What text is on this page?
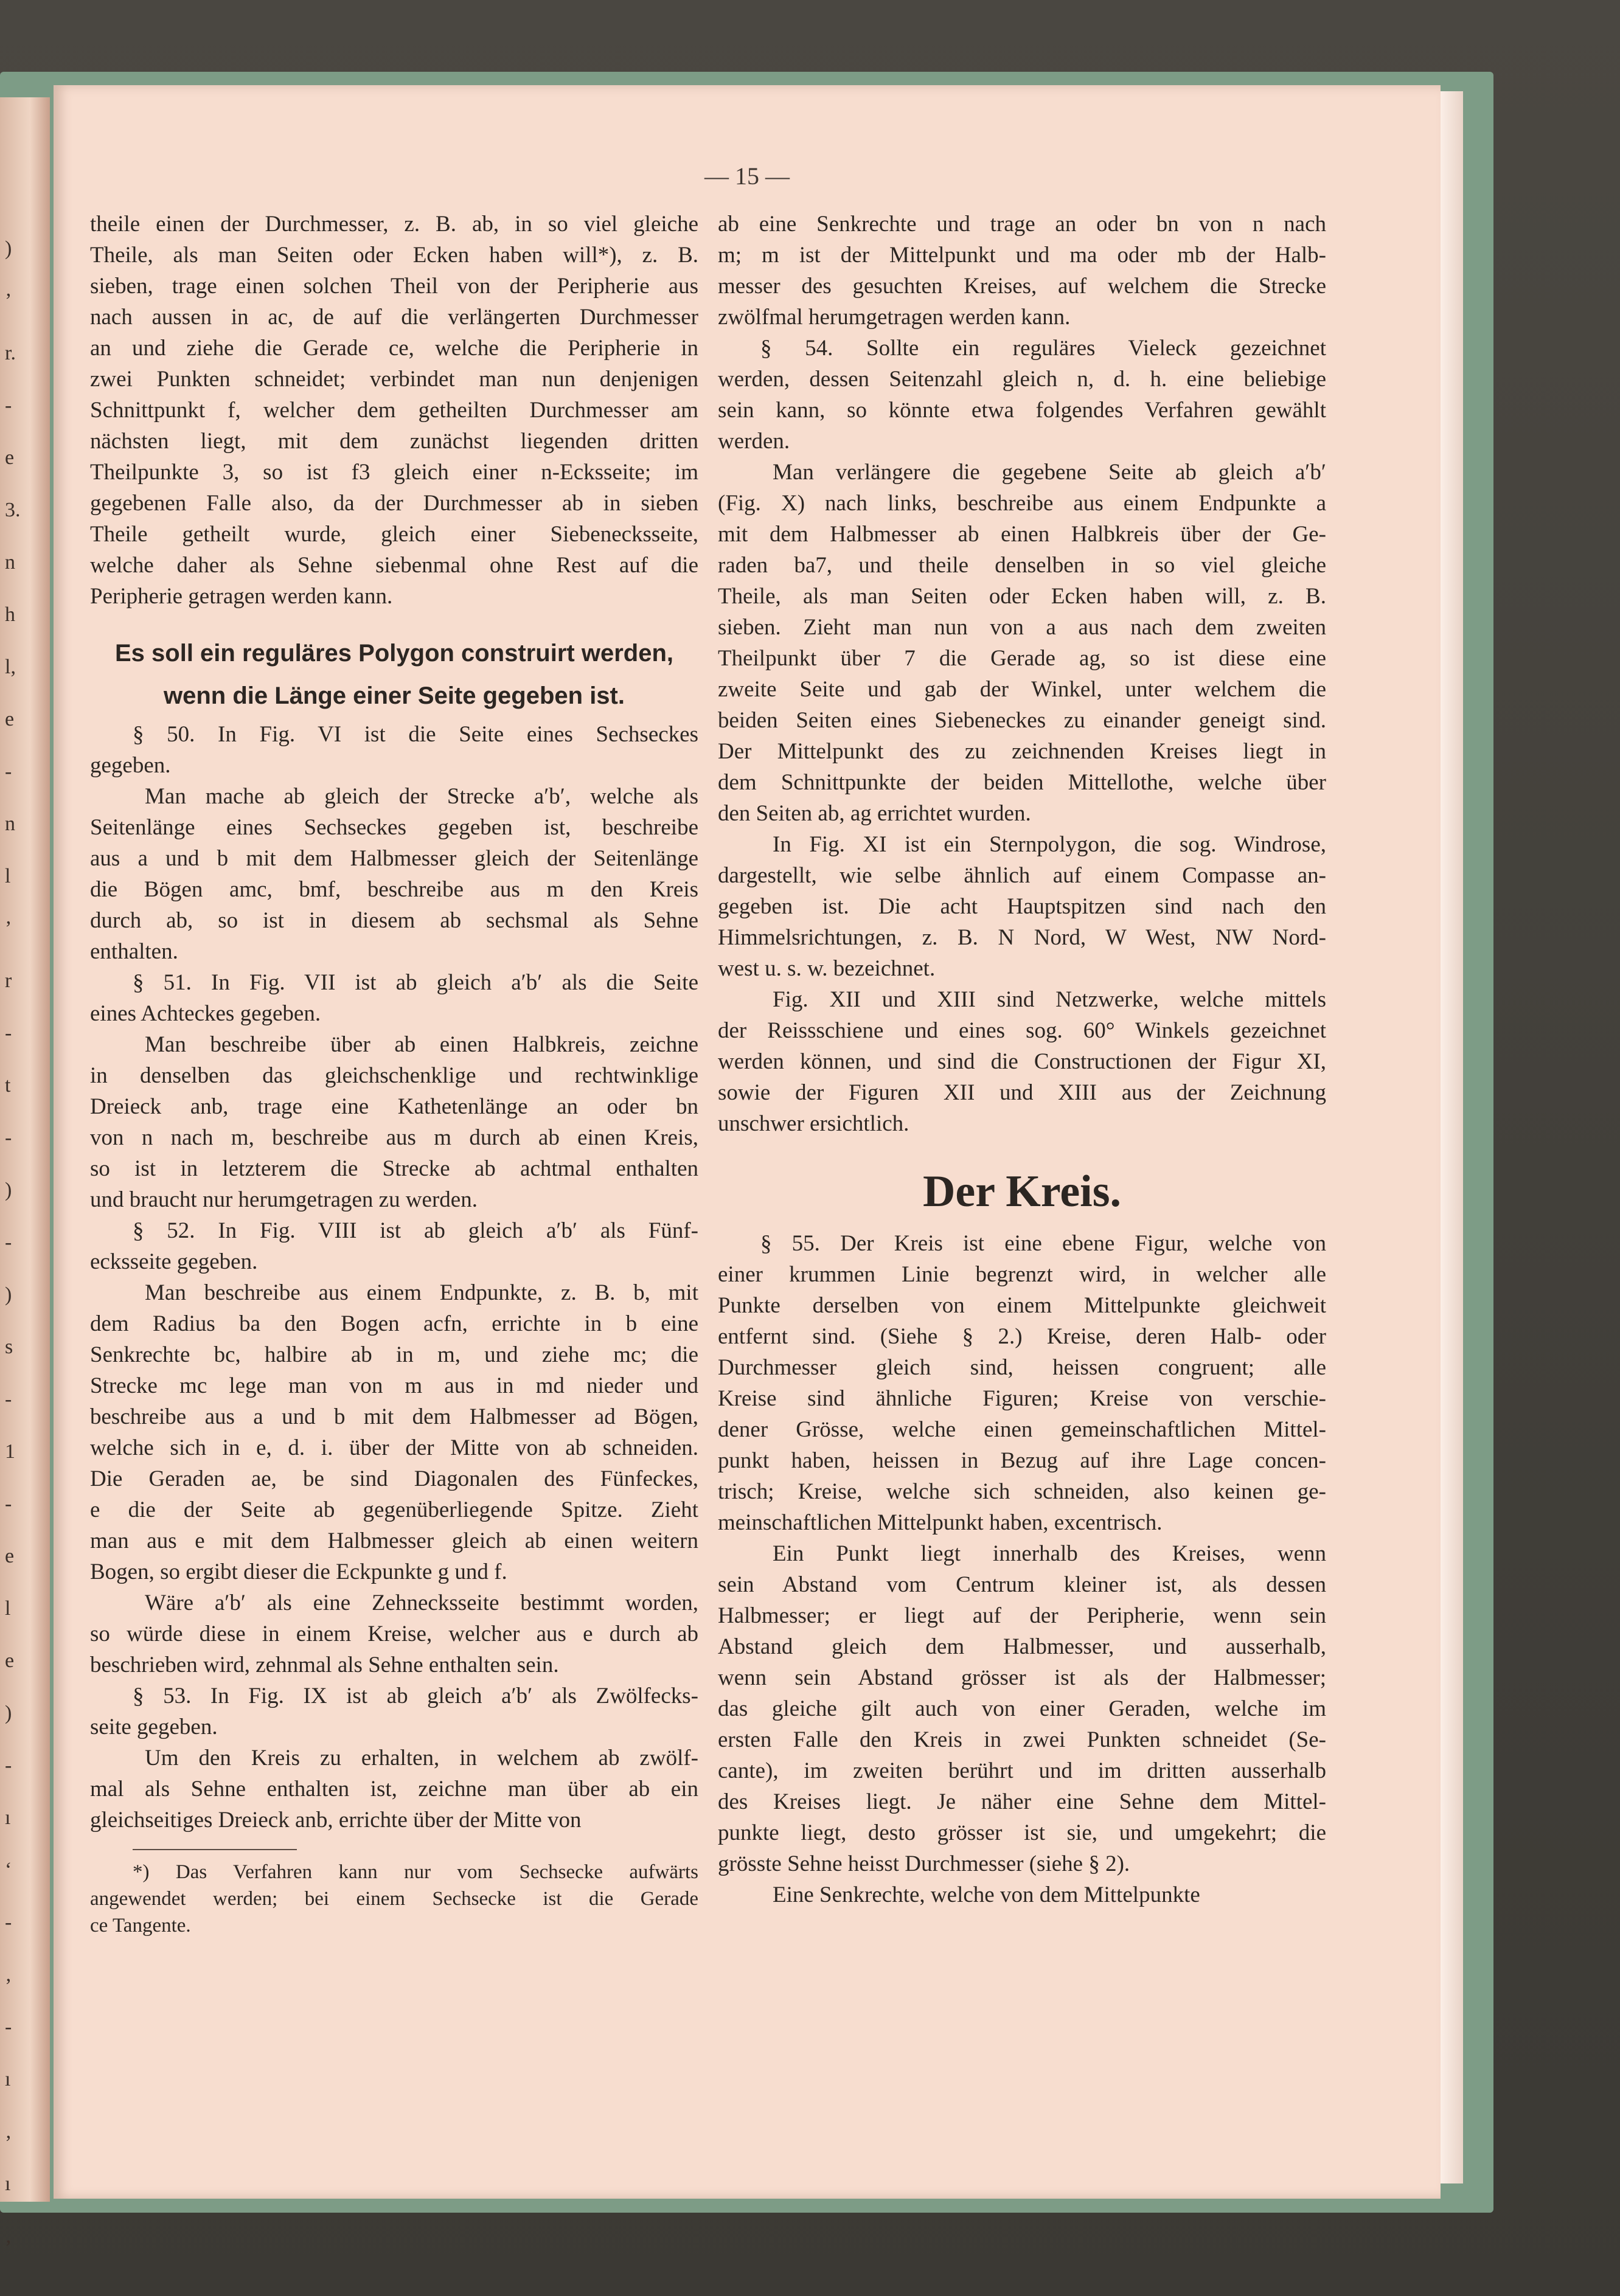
)
’
r.
-
e
3.
n
h
l,
e
-
n
l
’
r
-
t
-
)
-
)
s
-
1
-
e
l
e
)
-
ı
‘
-
‚
-
ı
‚
ı
‚
— 15 —

theile einen der Durchmesser, z. B. ab, in so viel gleiche

Theile, als man Seiten oder Ecken haben will*), z. B.

sieben, trage einen solchen Theil von der Peripherie aus

nach aussen in ac, de auf die verlängerten Durchmesser

an und ziehe die Gerade ce, welche die Peripherie in

zwei Punkten schneidet; verbindet man nun denjenigen

Schnittpunkt f, welcher dem getheilten Durchmesser am

nächsten liegt, mit dem zunächst liegenden dritten

Theilpunkte 3, so ist f3 gleich einer n-Ecksseite; im

gegebenen Falle also, da der Durchmesser ab in sieben

Theile getheilt wurde, gleich einer Siebenecksseite,

welche daher als Sehne siebenmal ohne Rest auf die

Peripherie getragen werden kann.

Es soll ein reguläres Polygon construirt werden,
wenn die Länge einer Seite gegeben ist.

§ 50. In Fig. VI ist die Seite eines Sechseckes

gegeben.

Man mache ab gleich der Strecke a′b′, welche als

Seitenlänge eines Sechseckes gegeben ist, beschreibe

aus a und b mit dem Halbmesser gleich der Seitenlänge

die Bögen amc, bmf, beschreibe aus m den Kreis

durch ab, so ist in diesem ab sechsmal als Sehne

enthalten.

§ 51. In Fig. VII ist ab gleich a′b′ als die Seite

eines Achteckes gegeben.

Man beschreibe über ab einen Halbkreis, zeichne

in denselben das gleichschenklige und rechtwinklige

Dreieck anb, trage eine Kathetenlänge an oder bn

von n nach m, beschreibe aus m durch ab einen Kreis,

so ist in letzterem die Strecke ab achtmal enthalten

und braucht nur herumgetragen zu werden.

§ 52. In Fig. VIII ist ab gleich a′b′ als Fünf-

ecksseite gegeben.

Man beschreibe aus einem Endpunkte, z. B. b, mit

dem Radius ba den Bogen acfn, errichte in b eine

Senkrechte bc, halbire ab in m, und ziehe mc; die

Strecke mc lege man von m aus in md nieder und

beschreibe aus a und b mit dem Halbmesser ad Bögen,

welche sich in e, d. i. über der Mitte von ab schneiden.

Die Geraden ae, be sind Diagonalen des Fünfeckes,

e die der Seite ab gegenüberliegende Spitze. Zieht

man aus e mit dem Halbmesser gleich ab einen weitern

Bogen, so ergibt dieser die Eckpunkte g und f.

Wäre a′b′ als eine Zehnecksseite bestimmt worden,

so würde diese in einem Kreise, welcher aus e durch ab

beschrieben wird, zehnmal als Sehne enthalten sein.

§ 53. In Fig. IX ist ab gleich a′b′ als Zwölfecks-

seite gegeben.

Um den Kreis zu erhalten, in welchem ab zwölf-

mal als Sehne enthalten ist, zeichne man über ab ein

gleichseitiges Dreieck anb, errichte über der Mitte von

*) Das Verfahren kann nur vom Sechsecke aufwärts

angewendet werden; bei einem Sechsecke ist die Gerade

ce Tangente.

ab eine Senkrechte und trage an oder bn von n nach

m; m ist der Mittelpunkt und ma oder mb der Halb-

messer des gesuchten Kreises, auf welchem die Strecke

zwölfmal herumgetragen werden kann.

§ 54. Sollte ein reguläres Vieleck gezeichnet

werden, dessen Seitenzahl gleich n, d. h. eine beliebige

sein kann, so könnte etwa folgendes Verfahren gewählt

werden.

Man verlängere die gegebene Seite ab gleich a′b′

(Fig. X) nach links, beschreibe aus einem Endpunkte a

mit dem Halbmesser ab einen Halbkreis über der Ge-

raden ba7, und theile denselben in so viel gleiche

Theile, als man Seiten oder Ecken haben will, z. B.

sieben. Zieht man nun von a aus nach dem zweiten

Theilpunkt über 7 die Gerade ag, so ist diese eine

zweite Seite und gab der Winkel, unter welchem die

beiden Seiten eines Siebeneckes zu einander geneigt sind.

Der Mittelpunkt des zu zeichnenden Kreises liegt in

dem Schnittpunkte der beiden Mittellothe, welche über

den Seiten ab, ag errichtet wurden.

In Fig. XI ist ein Sternpolygon, die sog. Windrose,

dargestellt, wie selbe ähnlich auf einem Compasse an-

gegeben ist. Die acht Hauptspitzen sind nach den

Himmelsrichtungen, z. B. N Nord, W West, NW Nord-

west u. s. w. bezeichnet.

Fig. XII und XIII sind Netzwerke, welche mittels

der Reissschiene und eines sog. 60° Winkels gezeichnet

werden können, und sind die Constructionen der Figur XI,

sowie der Figuren XII und XIII aus der Zeichnung

unschwer ersichtlich.

Der Kreis.

§ 55. Der Kreis ist eine ebene Figur, welche von

einer krummen Linie begrenzt wird, in welcher alle

Punkte derselben von einem Mittelpunkte gleichweit

entfernt sind. (Siehe § 2.) Kreise, deren Halb- oder

Durchmesser gleich sind, heissen congruent; alle

Kreise sind ähnliche Figuren; Kreise von verschie-

dener Grösse, welche einen gemeinschaftlichen Mittel-

punkt haben, heissen in Bezug auf ihre Lage concen-

trisch; Kreise, welche sich schneiden, also keinen ge-

meinschaftlichen Mittelpunkt haben, excentrisch.

Ein Punkt liegt innerhalb des Kreises, wenn

sein Abstand vom Centrum kleiner ist, als dessen

Halbmesser; er liegt auf der Peripherie, wenn sein

Abstand gleich dem Halbmesser, und ausserhalb,

wenn sein Abstand grösser ist als der Halbmesser;

das gleiche gilt auch von einer Geraden, welche im

ersten Falle den Kreis in zwei Punkten schneidet (Se-

cante), im zweiten berührt und im dritten ausserhalb

des Kreises liegt. Je näher eine Sehne dem Mittel-

punkte liegt, desto grösser ist sie, und umgekehrt; die

grösste Sehne heisst Durchmesser (siehe § 2).

Eine Senkrechte, welche von dem Mittelpunkte
